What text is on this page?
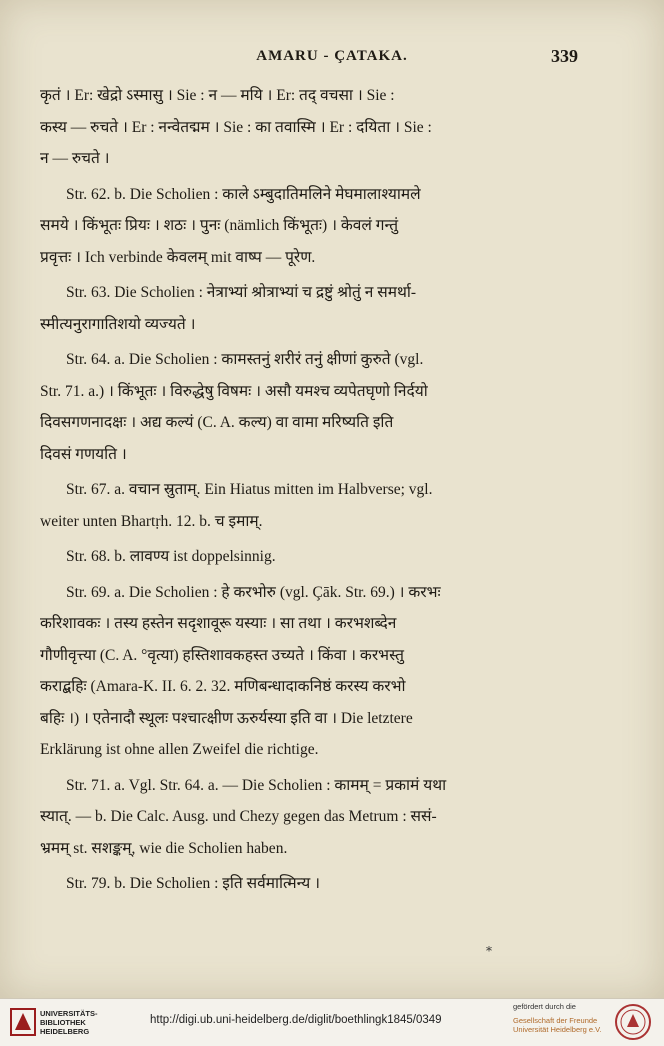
AMARU - ÇATAKA.	339
कृतं । Er: खेद्रो ऽस्मासु । Sie : न — मयि । Er: तद् वचसा । Sie :
कस्य — रुचते । Er : नन्वेतद्मम । Sie : का तवास्मि । Er : दयिता । Sie :
न — रुचते ।
Str. 62. b. Die Scholien : काले ऽम्बुदातिमलिने मेघमालाश्यामले
समये । किंभूतः प्रियः । शठः । पुनः (nämlich किंभूतः) । केवलं गन्तुं
प्रवृत्तः । Ich verbinde केवलम् mit वाष्प — पूरेण.
Str. 63. Die Scholien : नेत्राभ्यां श्रोत्राभ्यां च द्रष्टुं श्रोतुं न समर्था-
स्मीत्यनुरागातिशयो व्यज्यते ।
Str. 64. a. Die Scholien : कामस्तनुं शरीरं तनुं क्षीणां कुरुते (vgl.
Str. 71. a.) । किंभूतः । विरुद्धेषु विषमः । असौ यमश्च व्यपेतघृणो निर्दयो
दिवसगणनादक्षः । अद्य कल्यं (C. A. कल्य) वा वामा मरिष्यति इति
दिवसं गणयति ।
Str. 67. a. वचान स्रुताम्. Ein Hiatus mitten im Halbverse; vgl.
weiter unten Bhartṛh. 12. b. च इमाम्.
Str. 68. b. लावण्य ist doppelsinnig.
Str. 69. a. Die Scholien : हे करभोरु (vgl. Çāk. Str. 69.) । करभः
करिशावकः । तस्य हस्तेन सदृशावूरू यस्याः । सा तथा । करभशब्देन
गौणीवृत्त्या (C. A. °वृत्या) हस्तिशावकहस्त उच्यते । किंवा । करभस्तु
कराद्बहिः (Amara-K. II. 6. 2. 32. मणिबन्धादाकनिष्ठं करस्य करभो
बहिः ।) । एतेनादौ स्थूलः पश्चात्क्षीण ऊरुर्यस्या इति वा । Die letztere
Erklärung ist ohne allen Zweifel die richtige.
Str. 71. a. Vgl. Str. 64. a. — Die Scholien : कामम् = प्रकामं यथा
स्यात्. — b. Die Calc. Ausg. und Chezy gegen das Metrum : ससं-
भ्रमम् st. सशङ्कम्, wie die Scholien haben.
Str. 79. b. Die Scholien : इति सर्वमात्मिन्य ।
*
UNIVERSITÄTS-
BIBLIOTHEK
HEIDELBERG
http://digi.ub.uni-heidelberg.de/diglit/boethlingk1845/0349
gefördert durch die
Gesellschaft der Freunde
Universität Heidelberg e.V.
